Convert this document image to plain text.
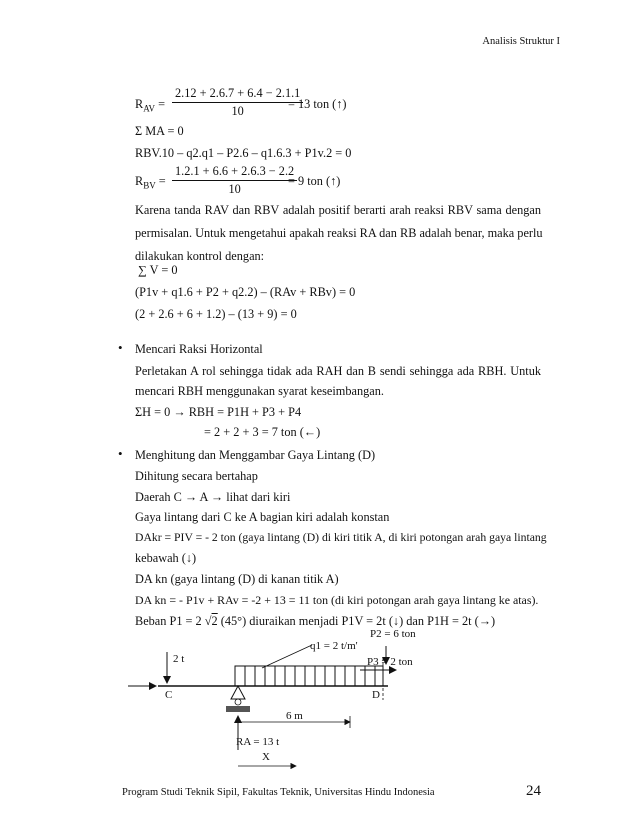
Analisis Struktur I
$R_{AV} = \frac{2.12 + 2.6.7 + 6.4 - 2.1.1}{10}$
= 13 ton (↑)
Σ MA = 0
RBV.10 – q2.q1 – P2.6 – q1.6.3 + P1v.2 = 0
$R_{BV} = \frac{1.2.1 + 6.6 + 2.6.3 - 2.2}{10}$
= 9 ton (↑)
Karena tanda RAV dan RBV adalah positif berarti arah reaksi RBV sama dengan
permisalan. Untuk mengetahui apakah reaksi RA dan RB adalah benar, maka perlu
dilakukan kontrol dengan:
∑ V = 0
(P1v + q1.6 + P2 + q2.2) – (RAv + RBv) = 0
(2 + 2.6 + 6 + 1.2) – (13 + 9) = 0
• Mencari Raksi Horizontal
Perletakan A rol sehingga tidak ada RAH dan B sendi sehingga ada RBH. Untuk
mencari RBH menggunakan syarat keseimbangan.
ΣH = 0 → RBH = P1H + P3 + P4
= 2 + 2 + 3 = 7 ton (←)
• Menghitung dan Menggambar Gaya Lintang (D)
Dihitung secara bertahap
Daerah C → A → lihat dari kiri
Gaya lintang dari C ke A bagian kiri adalah konstan
DAkr = PIV = - 2 ton (gaya lintang (D) di kiri titik A, di kiri potongan arah gaya lintang
kebawah (↓)
DA kn (gaya lintang (D) di kanan titik A)
DA kn = - P1v + RAv = -2 + 13 = 11 ton (di kiri potongan arah gaya lintang ke atas).
Beban P1 = 2 √2 (45°) diuraikan menjadi P1V = 2t (↓) dan P1H = 2t (→)
q1 = 2 t/m'
P2 = 6 ton
P3 = 2 ton
2 t
C	D
6 m
RA = 13 t
X
Program Studi Teknik Sipil, Fakultas Teknik, Universitas Hindu Indonesia	24
